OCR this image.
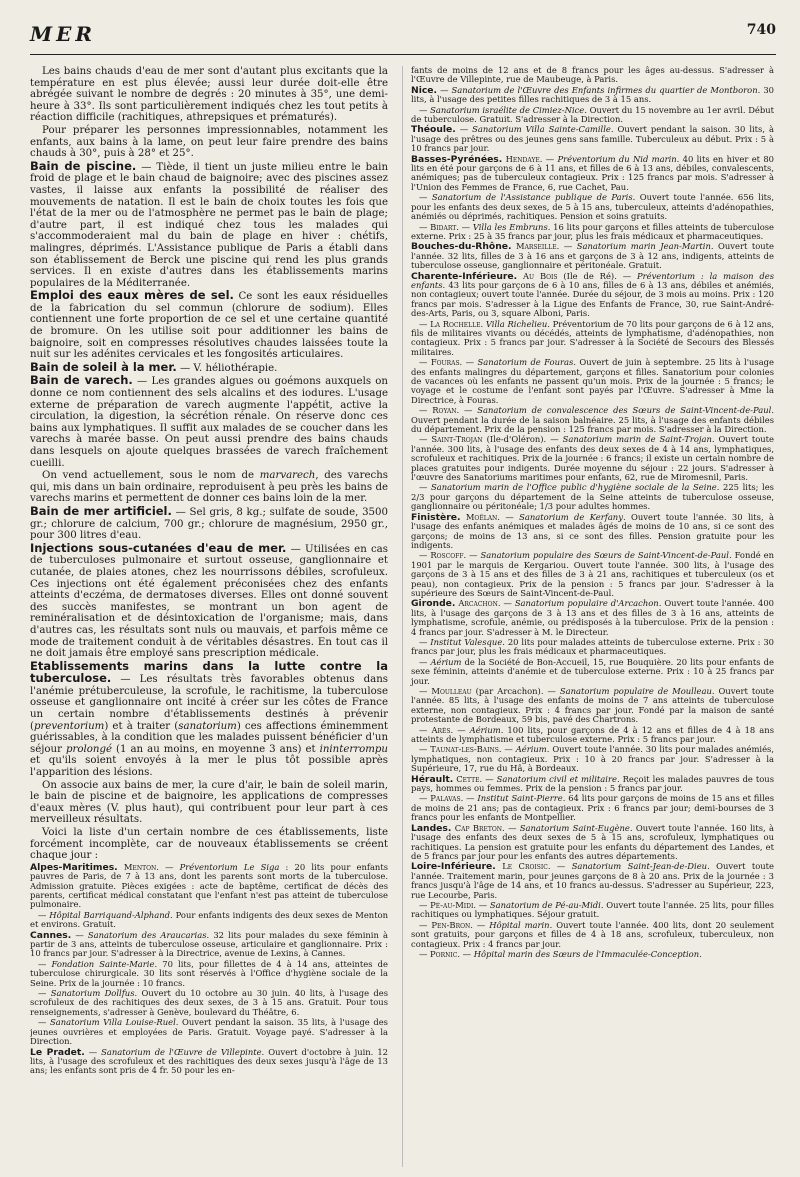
MER	740

Les bains chauds d'eau de mer sont d'autant plus excitants que la température en est plus élevée; aussi leur durée doit-elle être abrégée suivant le nombre de degrés : 20 minutes à 35°, une demi-heure à 33°. Ils sont particulièrement indiqués chez les tout petits à réaction difficile (rachitiques, athrepsiques et prématurés).

Pour préparer les personnes impressionnables, notamment les enfants, aux bains à la lame, on peut leur faire prendre des bains chauds à 30°, puis à 28° et 25°.

Bain de piscine. — Tiède, il tient un juste milieu entre le bain froid de plage et le bain chaud de baignoire; avec des piscines assez vastes, il laisse aux enfants la possibilité de réaliser des mouvements de natation. Il est le bain de choix toutes les fois que l'état de la mer ou de l'atmosphère ne permet pas le bain de plage; d'autre part, il est indiqué chez tous les malades qui s'accommoderaient mal du bain de plage en hiver : chétifs, malingres, déprimés. L'Assistance publique de Paris a établi dans son établissement de Berck une piscine qui rend les plus grands services. Il en existe d'autres dans les établissements marins populaires de la Méditerranée.

Emploi des eaux mères de sel. Ce sont les eaux résiduelles de la fabrication du sel commun (chlorure de sodium). Elles contiennent une forte proportion de ce sel et une certaine quantité de bromure. On les utilise soit pour additionner les bains de baignoire, soit en compresses résolutives chaudes laissées toute la nuit sur les adénites cervicales et les fongosités articulaires.

Bain de soleil à la mer. — V. héliothérapie.

Bain de varech. — Les grandes algues ou goémons auxquels on donne ce nom contiennent des sels alcalins et des iodures. L'usage externe de préparation de varech augmente l'appétit, active la circulation, la digestion, la sécrétion rénale. On réserve donc ces bains aux lymphatiques. Il suffit aux malades de se coucher dans les varechs à marée basse. On peut aussi prendre des bains chauds dans lesquels on ajoute quelques brassées de varech fraîchement cueilli.

On vend actuellement, sous le nom de marvarech, des varechs qui, mis dans un bain ordinaire, reproduisent à peu près les bains de varechs marins et permettent de donner ces bains loin de la mer.

Bain de mer artificiel. — Sel gris, 8 kg.; sulfate de soude, 3500 gr.; chlorure de calcium, 700 gr.; chlorure de magnésium, 2950 gr., pour 300 litres d'eau.

Injections sous-cutanées d'eau de mer. — Utilisées en cas de tuberculoses pulmonaire et surtout osseuse, ganglionnaire et cutanée, de plaies atones, chez les nourrissons débiles, scrofuleux. Ces injections ont été également préconisées chez des enfants atteints d'eczéma, de dermatoses diverses. Elles ont donné souvent des succès manifestes, se montrant un bon agent de reminéralisation et de désintoxication de l'organisme; mais, dans d'autres cas, les résultats sont nuls ou mauvais, et parfois même ce mode de traitement conduit à de véritables désastres. En tout cas il ne doit jamais être employé sans prescription médicale.

Etablissements marins dans la lutte contre la tuberculose. — Les résultats très favorables obtenus dans l'anémie prétuberculeuse, la scrofule, le rachitisme, la tuberculose osseuse et ganglionnaire ont incité à créer sur les côtes de France un certain nombre d'établissements destinés à prévenir (preventorium) et à traiter (sanatorium) ces affections éminemment guérissables, à la condition que les malades puissent bénéficier d'un séjour prolongé (1 an au moins, en moyenne 3 ans) et ininterrompu et qu'ils soient envoyés à la mer le plus tôt possible après l'apparition des lésions.

On associe aux bains de mer, la cure d'air, le bain de soleil marin, le bain de piscine et de baignoire, les applications de compresses d'eaux mères (V. plus haut), qui contribuent pour leur part à ces merveilleux résultats.

Voici la liste d'un certain nombre de ces établissements, liste forcément incomplète, car de nouveaux établissements se créent chaque jour :

Alpes-Maritimes. Menton. — Préventorium Le Siga : 20 lits pour enfants pauvres de Paris, de 7 à 13 ans, dont les parents sont morts de la tuberculose. Admission gratuite. Pièces exigées : acte de baptême, certificat de décès des parents, certificat médical constatant que l'enfant n'est pas atteint de tuberculose pulmonaire.

— Hôpital Barriquand-Alphand. Pour enfants indigents des deux sexes de Menton et environs. Gratuit.

Cannes. — Sanatorium des Araucarias. 32 lits pour malades du sexe féminin à partir de 3 ans, atteints de tuberculose osseuse, articulaire et ganglionnaire. Prix : 10 francs par jour. S'adresser à la Directrice, avenue de Lexins, à Cannes.

— Fondation Sainte-Marie. 70 lits, pour fillettes de 4 à 14 ans, atteintes de tuberculose chirurgicale. 30 lits sont réservés à l'Office d'hygiène sociale de la Seine. Prix de la journée : 10 francs.

— Sanatorium Dollfus. Ouvert du 10 octobre au 30 juin. 40 lits, à l'usage des scrofuleux de des rachitiques des deux sexes, de 3 à 15 ans. Gratuit. Pour tous renseignements, s'adresser à Genève, boulevard du Théâtre, 6.

— Sanatorium Villa Louise-Ruel. Ouvert pendant la saison. 35 lits, à l'usage des jeunes ouvrières et employées de Paris. Gratuit. Voyage payé. S'adresser à la Direction.

Le Pradet. — Sanatorium de l'Œuvre de Villepinte. Ouvert d'octobre à juin. 12 lits, à l'usage des scrofuleux et des rachitiques des deux sexes jusqu'à l'âge de 13 ans; les enfants sont pris de 4 fr. 50 pour les en-

fants de moins de 12 ans et de 8 francs pour les âges au-dessus. S'adresser à l'Œuvre de Villepinte, rue de Maubeuge, à Paris.

Nice. — Sanatorium de l'Œuvre des Enfants infirmes du quartier de Montboron. 30 lits, à l'usage des petites filles rachitiques de 3 à 15 ans.

— Sanatorium israélite de Cimiez-Nice. Ouvert du 15 novembre au 1er avril. Début de tuberculose. Gratuit. S'adresser à la Direction.

Théoule. — Sanatorium Villa Sainte-Camille. Ouvert pendant la saison. 30 lits, à l'usage des prêtres ou des jeunes gens sans famille. Tuberculeux au début. Prix : 5 à 10 francs par jour.

Basses-Pyrénées. Hendaye. — Préventorium du Nid marin. 40 lits en hiver et 80 lits en été pour garçons de 6 à 11 ans, et filles de 6 à 13 ans, débiles, convalescents, anémiques; pas de tuberculeux contagieux. Prix : 125 francs par mois. S'adresser à l'Union des Femmes de France, 6, rue Cachet, Pau.

— Sanatorium de l'Assistance publique de Paris. Ouvert toute l'année. 656 lits, pour les enfants des deux sexes, de 5 à 15 ans, tuberculeux, atteints d'adénopathies, anémiés ou déprimés, rachitiques. Pension et soins gratuits.

— Bidart. — Villa les Embruns. 16 lits pour garçons et filles atteints de tuberculose externe. Prix : 25 à 35 francs par jour, plus les frais médicaux et pharmaceutiques.

Bouches-du-Rhône. Marseille. — Sanatorium marin Jean-Martin. Ouvert toute l'année. 32 lits, filles de 3 à 16 ans et garçons de 3 à 12 ans, indigents, atteints de tuberculose osseuse, ganglionnaire et péritonéale. Gratuit.

Charente-Inférieure. Au Bois (Ile de Ré). — Préventorium : la maison des enfants. 43 lits pour garçons de 6 à 10 ans, filles de 6 à 13 ans, débiles et anémiés, non contagieux; ouvert toute l'année. Durée du séjour, de 3 mois au moins. Prix : 120 francs par mois. S'adresser à la Ligue des Enfants de France, 30, rue Saint-André-des-Arts, Paris, ou 3, square Alboni, Paris.

— La Rochelle. Villa Richelieu. Préventorium de 70 lits pour garçons de 6 à 12 ans, fils de militaires vivants ou décédés, atteints de lymphatisme, d'adénopathies, non contagieux. Prix : 5 francs par jour. S'adresser à la Société de Secours des Blessés militaires.

— Fouras. — Sanatorium de Fouras. Ouvert de juin à septembre. 25 lits à l'usage des enfants malingres du département, garçons et filles. Sanatorium pour colonies de vacances où les enfants ne passent qu'un mois. Prix de la journée : 5 francs; le voyage et le costume de l'enfant sont payés par l'Œuvre. S'adresser à Mme la Directrice, à Fouras.

— Royan. — Sanatorium de convalescence des Sœurs de Saint-Vincent-de-Paul. Ouvert pendant la durée de la saison balnéaire. 25 lits, à l'usage des enfants débiles du département. Prix de la pension : 125 francs par mois. S'adresser à la Direction.

— Saint-Trojan (Ile-d'Oléron). — Sanatorium marin de Saint-Trojan. Ouvert toute l'année. 300 lits, à l'usage des enfants des deux sexes de 4 à 14 ans, lymphatiques, scrofuleux et rachitiques. Prix de la journée : 6 francs; il existe un certain nombre de places gratuites pour indigents. Durée moyenne du séjour : 22 jours. S'adresser à l'œuvre des Sanatoriums maritimes pour enfants, 62, rue de Miromesnil, Paris.

— Sanatorium marin de l'Office public d'hygiène sociale de la Seine. 225 lits; les 2/3 pour garçons du département de la Seine atteints de tuberculose osseuse, ganglionnaire ou péritonéale; 1/3 pour adultes hommes.

Finistère. Moëlan. — Sanatorium de Kerfany. Ouvert toute l'année. 30 lits, à l'usage des enfants anémiques et malades âgés de moins de 10 ans, si ce sont des garçons; de moins de 13 ans, si ce sont des filles. Pension gratuite pour les indigents.

— Roscoff. — Sanatorium populaire des Sœurs de Saint-Vincent-de-Paul. Fondé en 1901 par le marquis de Kergariou. Ouvert toute l'année. 300 lits, à l'usage des garçons de 3 à 15 ans et des filles de 3 à 21 ans, rachitiques et tuberculeux (os et peau), non contagieux. Prix de la pension : 5 francs par jour. S'adresser à la supérieure des Sœurs de Saint-Vincent-de-Paul.

Gironde. Arcachon. — Sanatorium populaire d'Arcachon. Ouvert toute l'année. 400 lits, à l'usage des garçons de 3 à 13 ans et des filles de 3 à 16 ans, atteints de lymphatisme, scrofule, anémie, ou prédisposés à la tuberculose. Prix de la pension : 4 francs par jour. S'adresser à M. le Directeur.

— Institut Valesque. 20 lits pour malades atteints de tuberculose externe. Prix : 30 francs par jour, plus les frais médicaux et pharmaceutiques.

— Aérium de la Société de Bon-Accueil, 15, rue Bouquière. 20 lits pour enfants de sexe féminin, atteints d'anémie et de tuberculose externe. Prix : 10 à 25 francs par jour.

— Moulleau (par Arcachon). — Sanatorium populaire de Moulleau. Ouvert toute l'année. 85 lits, à l'usage des enfants de moins de 7 ans atteints de tuberculose externe, non contagieux. Prix : 4 francs par jour. Fondé par la maison de santé protestante de Bordeaux, 59 bis, pavé des Chartrons.

— Arès. — Aérium. 100 lits, pour garçons de 4 à 12 ans et filles de 4 à 18 ans atteints de lymphatisme et tuberculose externe. Prix : 5 francs par jour.

— Taunat-les-Bains. — Aérium. Ouvert toute l'année. 30 lits pour malades anémiés, lymphatiques, non contagieux. Prix : 10 à 20 francs par jour. S'adresser à la Supérieure, 17, rue du Hâ, à Bordeaux.

Hérault. Cette. — Sanatorium civil et militaire. Reçoit les malades pauvres de tous pays, hommes ou femmes. Prix de la pension : 5 francs par jour.

— Palavas. — Institut Saint-Pierre. 64 lits pour garçons de moins de 15 ans et filles de moins de 21 ans; pas de contagieux. Prix : 6 francs par jour; demi-bourses de 3 francs pour les enfants de Montpellier.

Landes. Cap Breton. — Sanatorium Saint-Eugène. Ouvert toute l'année. 160 lits, à l'usage des enfants des deux sexes de 5 à 15 ans, scrofuleux, lymphatiques ou rachitiques. La pension est gratuite pour les enfants du département des Landes, et de 5 francs par jour pour les enfants des autres départements.

Loire-Inférieure. Le Croisic. — Sanatorium Saint-Jean-de-Dieu. Ouvert toute l'année. Traitement marin, pour jeunes garçons de 8 à 20 ans. Prix de la journée : 3 francs jusqu'à l'âge de 14 ans, et 10 francs au-dessus. S'adresser au Supérieur, 223, rue Lecourbe, Paris.

— Pé-au-Midi. — Sanatorium de Pé-au-Midi. Ouvert toute l'année. 25 lits, pour filles rachitiques ou lymphatiques. Séjour gratuit.

— Pen-Bron. — Hôpital marin. Ouvert toute l'année. 400 lits, dont 20 seulement sont gratuits, pour garçons et filles de 4 à 18 ans, scrofuleux, tuberculeux, non contagieux. Prix : 4 francs par jour.

— Pornic. — Hôpital marin des Sœurs de l'Immaculée-Conception.
